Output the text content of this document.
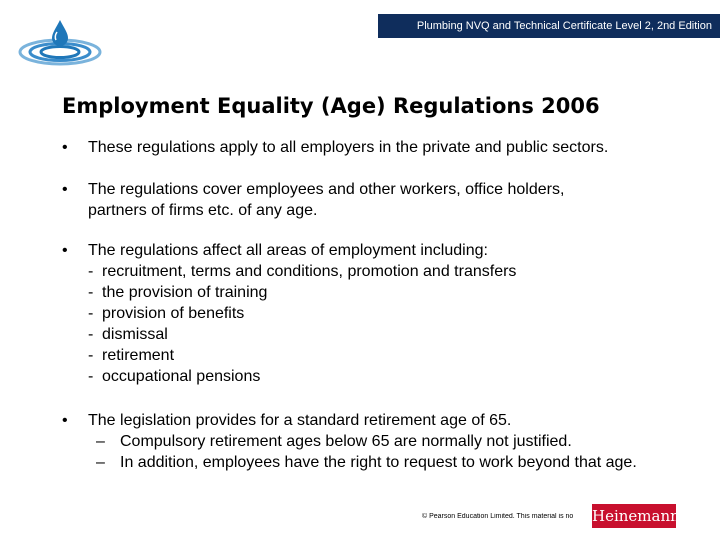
Plumbing NVQ and Technical Certificate Level 2, 2nd Edition
Employment Equality (Age) Regulations 2006
• These regulations apply to all employers in the private and public sectors.
• The regulations cover employees and other workers, office holders,
partners of firms etc. of any age.
• The regulations affect all areas of employment including:
- recruitment, terms and conditions, promotion and transfers
- the provision of training
- provision of benefits
- dismissal
- retirement
- occupational pensions
• The legislation provides for a standard retirement age of 65.
– Compulsory retirement ages below 65 are normally not justified.
– In addition, employees have the right to request to work beyond that age.
© Pearson Education Limited. This material is no	Heinemann
